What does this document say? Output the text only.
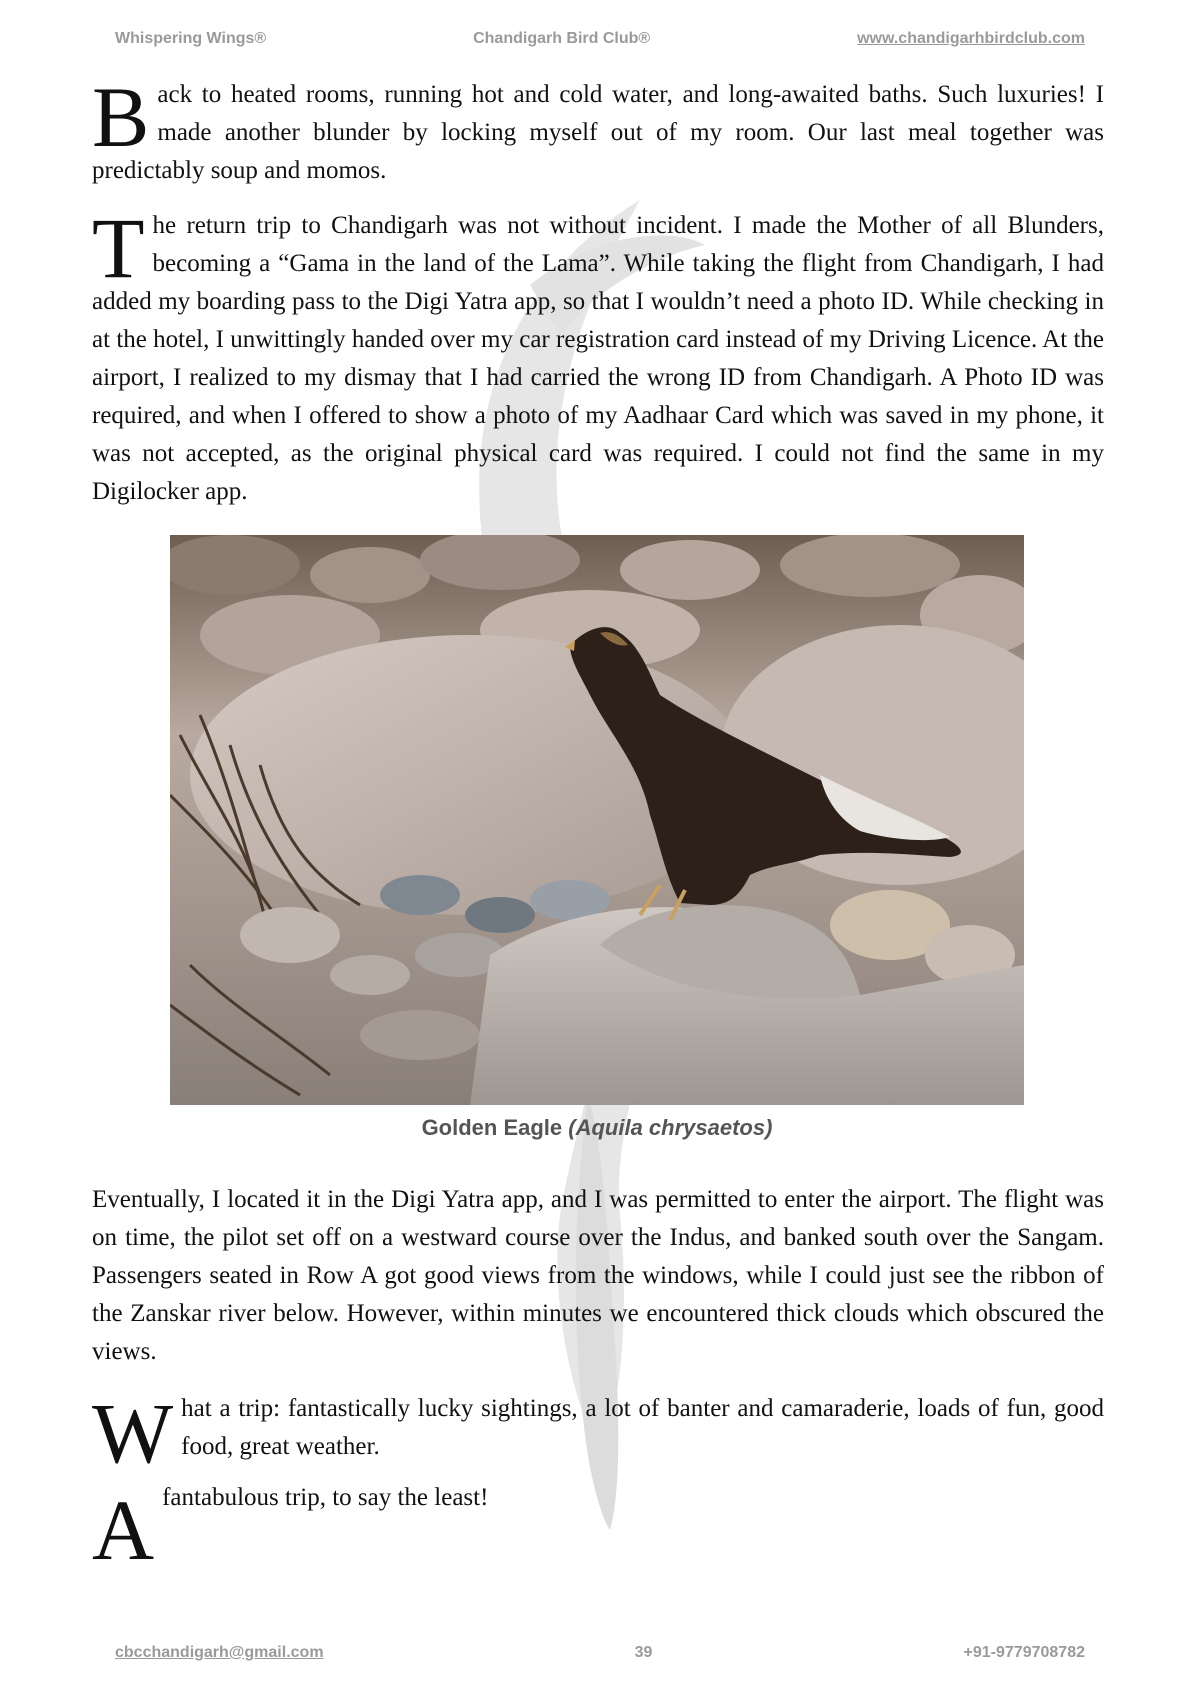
Whispering Wings®	Chandigarh Bird Club®	www.chandigarhbirdclub.com

Back to heated rooms, running hot and cold water, and long-awaited baths. Such luxuries! I made another blunder by locking myself out of my room. Our last meal together was predictably soup and momos.

The return trip to Chandigarh was not without incident. I made the Mother of all Blunders, becoming a “Gama in the land of the Lama”. While taking the flight from Chandigarh, I had added my boarding pass to the Digi Yatra app, so that I wouldn’t need a photo ID. While checking in at the hotel, I unwittingly handed over my car registration card instead of my Driving Licence. At the airport, I realized to my dismay that I had carried the wrong ID from Chandigarh. A Photo ID was required, and when I offered to show a photo of my Aadhaar Card which was saved in my phone, it was not accepted, as the original physical card was required. I could not find the same in my Digilocker app.

Golden Eagle (Aquila chrysaetos)

Eventually, I located it in the Digi Yatra app, and I was permitted to enter the airport. The flight was on time, the pilot set off on a westward course over the Indus, and banked south over the Sangam. Passengers seated in Row A got good views from the windows, while I could just see the ribbon of the Zanskar river below. However, within minutes we encountered thick clouds which obscured the views.

What a trip: fantastically lucky sightings, a lot of banter and camaraderie, loads of fun, good food, great weather.

Afantabulous trip, to say the least!

cbcchandigarh@gmail.com	39	+91-9779708782
